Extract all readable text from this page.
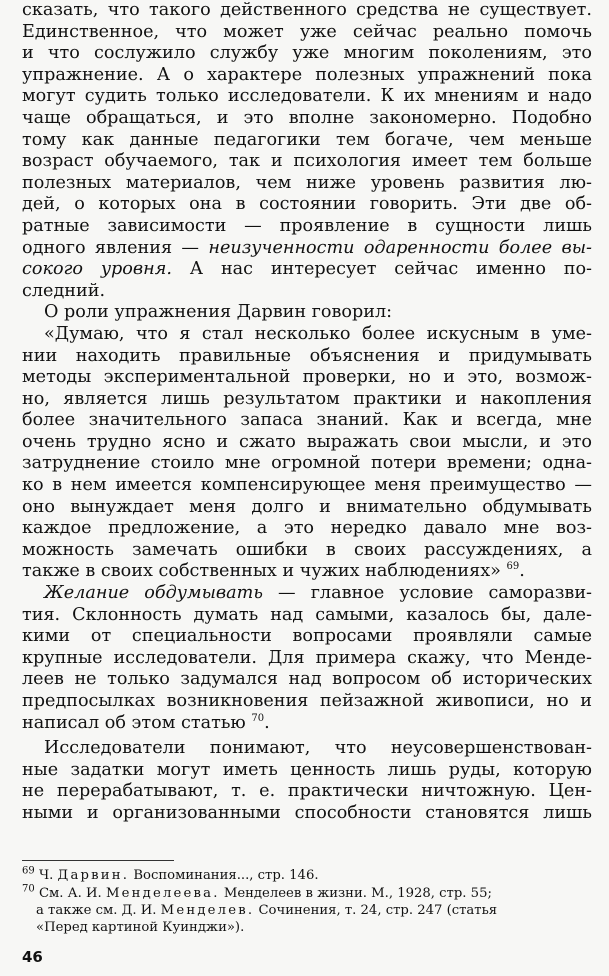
сказать, что такого действенного средства не существует.
Единственное, что может уже сейчас реально помочь
и что сослужило службу уже многим поколениям, это
упражнение. А о характере полезных упражнений пока
могут судить только исследователи. К их мнениям и надо
чаще обращаться, и это вполне закономерно. Подобно
тому как данные педагогики тем богаче, чем меньше
возраст обучаемого, так и психология имеет тем больше
полезных материалов, чем ниже уровень развития лю-
дей, о которых она в состоянии говорить. Эти две об-
ратные зависимости — проявление в сущности лишь
одного явления — неизученности одаренности более вы-
сокого уровня. А нас интересует сейчас именно по-
следний.

О роли упражнения Дарвин говорил:

«Думаю, что я стал несколько более искусным в уме-
нии находить правильные объяснения и придумывать
методы экспериментальной проверки, но и это, возмож-
но, является лишь результатом практики и накопления
более значительного запаса знаний. Как и всегда, мне
очень трудно ясно и сжато выражать свои мысли, и это
затруднение стоило мне огромной потери времени; одна-
ко в нем имеется компенсирующее меня преимущество —
оно вынуждает меня долго и внимательно обдумывать
каждое предложение, а это нередко давало мне воз-
можность замечать ошибки в своих рассуждениях, а
также в своих собственных и чужих наблюдениях» $^{69}$.

Желание обдумывать — главное условие саморазви-
тия. Склонность думать над самыми, казалось бы, дале-
кими от специальности вопросами проявляли самые
крупные исследователи. Для примера скажу, что Менде-
леев не только задумался над вопросом об исторических
предпосылках возникновения пейзажной живописи, но и
написал об этом статью $^{70}$.

Исследователи понимают, что неусовершенствован-
ные задатки могут иметь ценность лишь руды, которую
не перерабатывают, т. е. практически ничтожную. Цен-
ными и организованными способности становятся лишь

$^{69}$ Ч. Дарвин. Воспоминания..., стр. 146.
$^{70}$ См. А. И. Менделеева. Менделеев в жизни. М., 1928, стр. 55;
а также см. Д. И. Менделев. Сочинения, т. 24, стр. 247 (статья
«Перед картиной Куинджи»).
46
